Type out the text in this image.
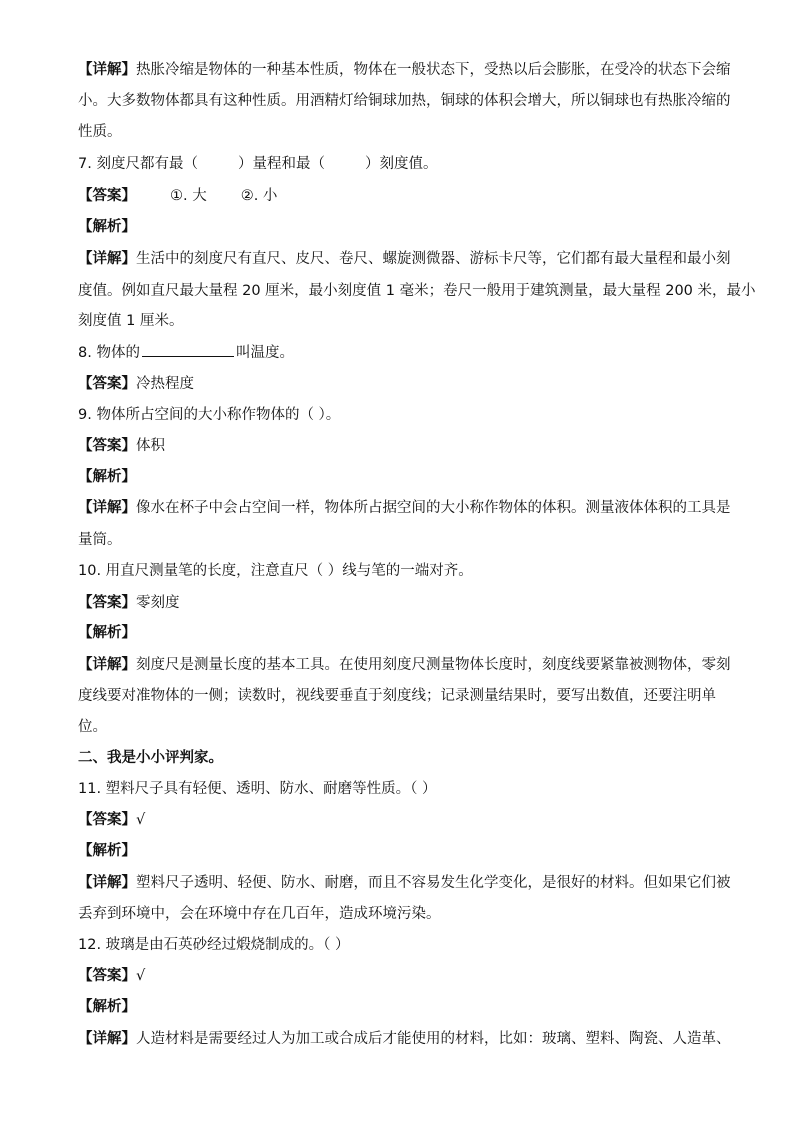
【详解】热胀冷缩是物体的一种基本性质，物体在一般状态下，受热以后会膨胀，在受冷的状态下会缩
小。大多数物体都具有这种性质。用酒精灯给铜球加热，铜球的体积会增大，所以铜球也有热胀冷缩的
性质。
7. 刻度尺都有最（	）量程和最（	）刻度值。
【答案】 ①. 大 ②. 小
【解析】
【详解】生活中的刻度尺有直尺、皮尺、卷尺、螺旋测微器、游标卡尺等，它们都有最大量程和最小刻
度值。例如直尺最大量程 20 厘米，最小刻度值 1 毫米；卷尺一般用于建筑测量，最大量程 200 米，最小
刻度值 1 厘米。
8. 物体的	叫温度。
【答案】冷热程度
9. 物体所占空间的大小称作物体的（ ）。
【答案】体积
【解析】
【详解】像水在杯子中会占空间一样，物体所占据空间的大小称作物体的体积。测量液体体积的工具是
量筒。
10. 用直尺测量笔的长度，注意直尺（ ）线与笔的一端对齐。
【答案】零刻度
【解析】
【详解】刻度尺是测量长度的基本工具。在使用刻度尺测量物体长度时，刻度线要紧靠被测物体，零刻
度线要对准物体的一侧；读数时，视线要垂直于刻度线；记录测量结果时，要写出数值，还要注明单
位。
二、我是小小评判家。
11. 塑料尺子具有轻便、透明、防水、耐磨等性质。（ ）
【答案】√
【解析】
【详解】塑料尺子透明、轻便、防水、耐磨，而且不容易发生化学变化，是很好的材料。但如果它们被
丢弃到环境中，会在环境中存在几百年，造成环境污染。
12. 玻璃是由石英砂经过煅烧制成的。（ ）
【答案】√
【解析】
【详解】人造材料是需要经过人为加工或合成后才能使用的材料，比如：玻璃、塑料、陶瓷、人造革、
